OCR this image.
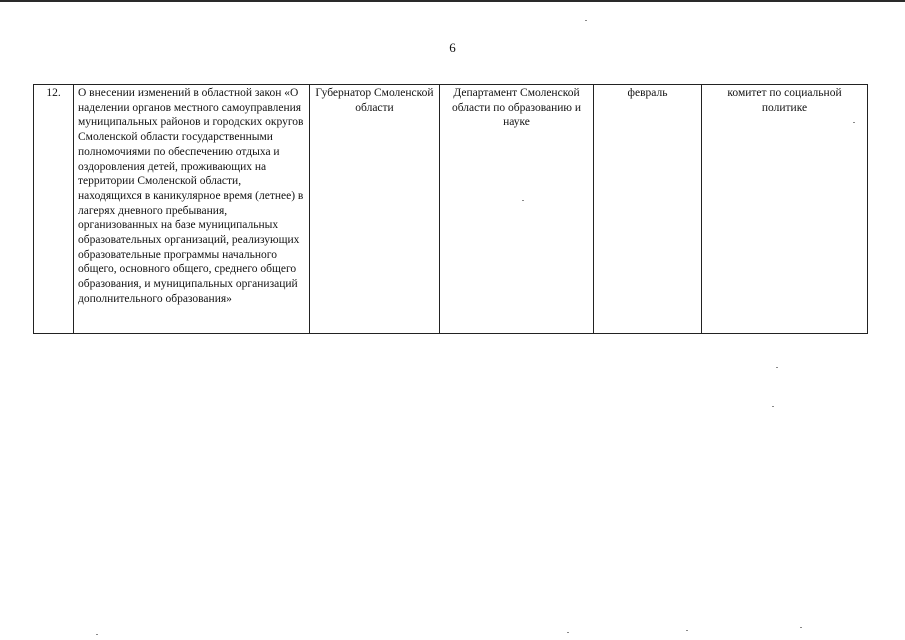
6
12.	О внесении изменений в областной закон «О наделении органов местного самоуправления муниципальных районов и городских округов Смоленской области государственными полномочиями по обеспечению отдыха и оздоровления детей, проживающих на территории Смоленской области, находящихся в каникулярное время (летнее) в лагерях дневного пребывания, организованных на базе муниципальных образовательных организаций, реализующих образовательные программы начального общего, основного общего, среднего общего образования, и муниципальных организаций дополнительного образования»	Губернатор Смоленской области	Департамент Смоленской области по образованию и науке	февраль	комитет по социальной политике
